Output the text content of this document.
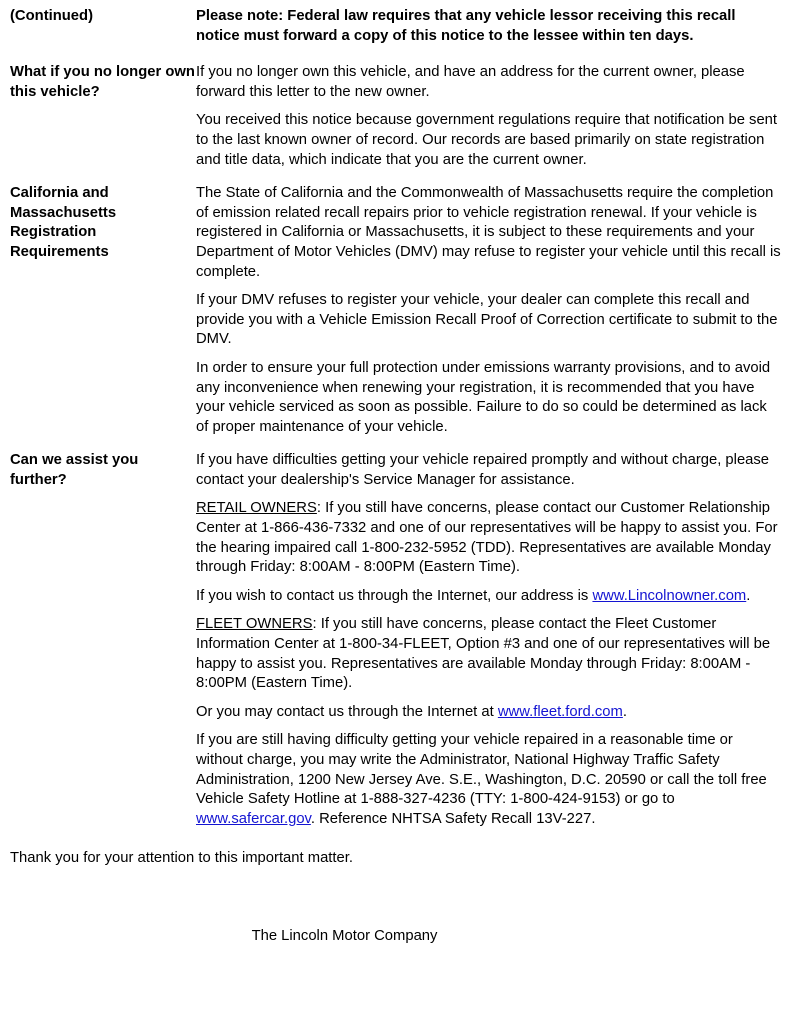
(Continued)	Please note: Federal law requires that any vehicle lessor receiving this recall notice must forward a copy of this notice to the lessee within ten days.

What if you no longer own this vehicle?

If you no longer own this vehicle, and have an address for the current owner, please forward this letter to the new owner.

You received this notice because government regulations require that notification be sent to the last known owner of record. Our records are based primarily on state registration and title data, which indicate that you are the current owner.

California and Massachusetts Registration Requirements

The State of California and the Commonwealth of Massachusetts require the completion of emission related recall repairs prior to vehicle registration renewal. If your vehicle is registered in California or Massachusetts, it is subject to these requirements and your Department of Motor Vehicles (DMV) may refuse to register your vehicle until this recall is complete.

If your DMV refuses to register your vehicle, your dealer can complete this recall and provide you with a Vehicle Emission Recall Proof of Correction certificate to submit to the DMV.

In order to ensure your full protection under emissions warranty provisions, and to avoid any inconvenience when renewing your registration, it is recommended that you have your vehicle serviced as soon as possible. Failure to do so could be determined as lack of proper maintenance of your vehicle.

Can we assist you further?

If you have difficulties getting your vehicle repaired promptly and without charge, please contact your dealership's Service Manager for assistance.

RETAIL OWNERS: If you still have concerns, please contact our Customer Relationship Center at 1-866-436-7332 and one of our representatives will be happy to assist you. For the hearing impaired call 1-800-232-5952 (TDD). Representatives are available Monday through Friday: 8:00AM - 8:00PM (Eastern Time).

If you wish to contact us through the Internet, our address is www.Lincolnowner.com.

FLEET OWNERS: If you still have concerns, please contact the Fleet Customer Information Center at 1-800-34-FLEET, Option #3 and one of our representatives will be happy to assist you. Representatives are available Monday through Friday: 8:00AM - 8:00PM (Eastern Time).

Or you may contact us through the Internet at www.fleet.ford.com.

If you are still having difficulty getting your vehicle repaired in a reasonable time or without charge, you may write the Administrator, National Highway Traffic Safety Administration, 1200 New Jersey Ave. S.E., Washington, D.C. 20590 or call the toll free Vehicle Safety Hotline at 1-888-327-4236 (TTY: 1-800-424-9153) or go to www.safercar.gov. Reference NHTSA Safety Recall 13V-227.

Thank you for your attention to this important matter.
The Lincoln Motor Company
